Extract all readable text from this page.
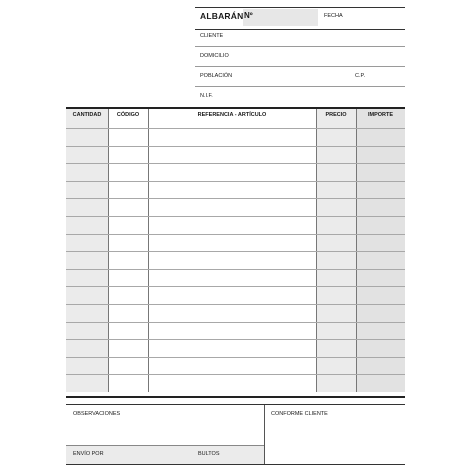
ALBARÁN Nº	FECHA
CLIENTE
DOMICILIO
POBLACIÓN	C.P.
N.I.F.
CANTIDAD	CÓDIGO	REFERENCIA - ARTÍCULO	PRECIO	IMPORTE
OBSERVACIONES	CONFORME CLIENTE
ENVÍO POR	BULTOS
